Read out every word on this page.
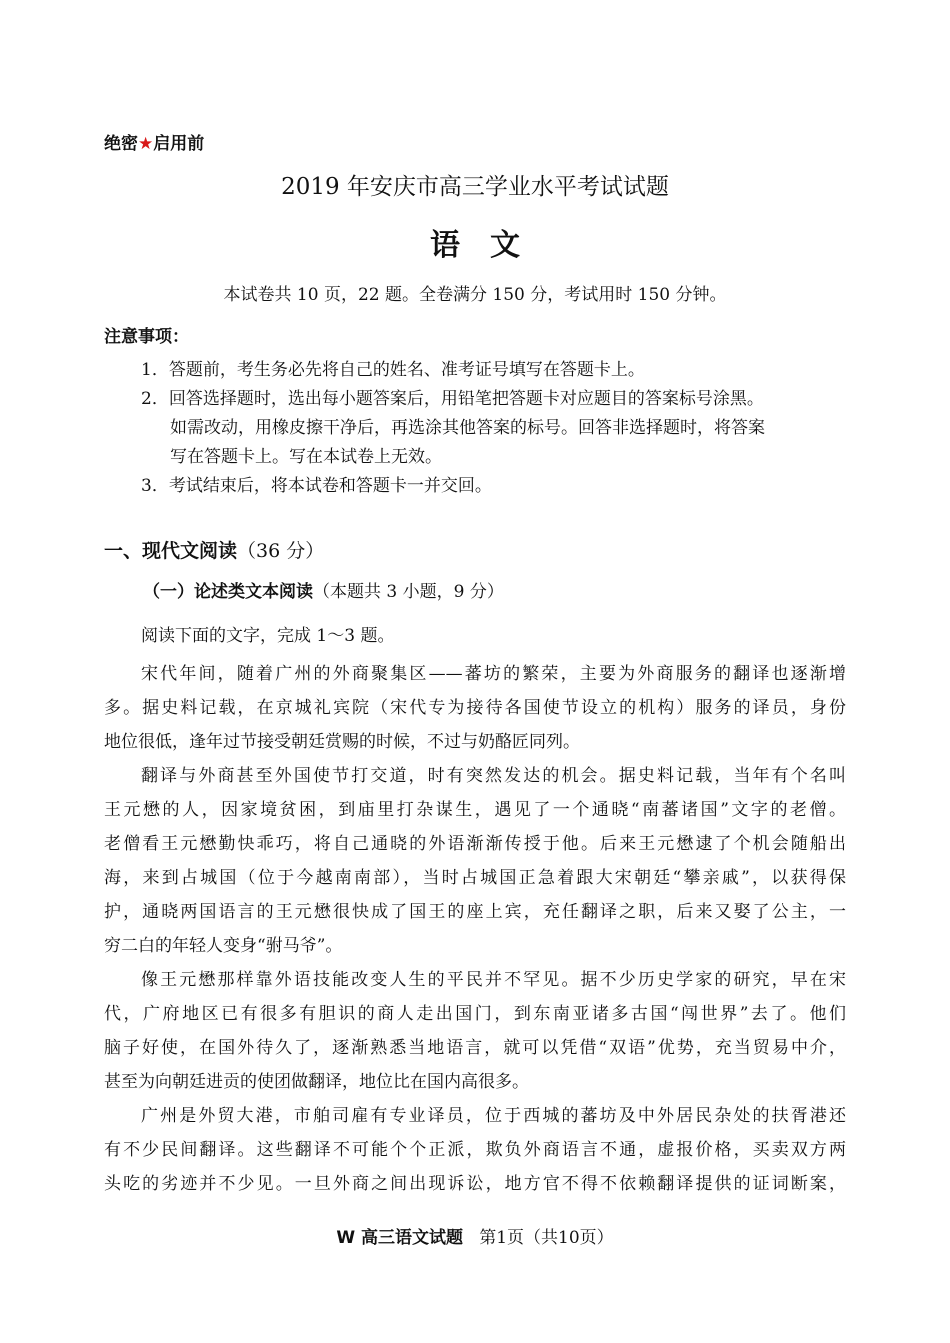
绝密★启用前
2019 年安庆市高三学业水平考试试题
语文
本试卷共 10 页，22 题。全卷满分 150 分，考试用时 150 分钟。
注意事项：
1．答题前，考生务必先将自己的姓名、准考证号填写在答题卡上。
2．回答选择题时，选出每小题答案后，用铅笔把答题卡对应题目的答案标号涂黑。
如需改动，用橡皮擦干净后，再选涂其他答案的标号。回答非选择题时，将答案
写在答题卡上。写在本试卷上无效。
3．考试结束后，将本试卷和答题卡一并交回。
一、现代文阅读（36 分）
（一）论述类文本阅读（本题共 3 小题，9 分）
阅读下面的文字，完成 1～3 题。
宋代年间，随着广州的外商聚集区——蕃坊的繁荣，主要为外商服务的翻译也逐渐增
多。据史料记载，在京城礼宾院（宋代专为接待各国使节设立的机构）服务的译员，身份
地位很低，逢年过节接受朝廷赏赐的时候，不过与奶酪匠同列。
翻译与外商甚至外国使节打交道，时有突然发达的机会。据史料记载，当年有个名叫
王元懋的人，因家境贫困，到庙里打杂谋生，遇见了一个通晓“南蕃诸国”文字的老僧。
老僧看王元懋勤快乖巧，将自己通晓的外语渐渐传授于他。后来王元懋逮了个机会随船出
海，来到占城国（位于今越南南部），当时占城国正急着跟大宋朝廷“攀亲戚”，以获得保
护，通晓两国语言的王元懋很快成了国王的座上宾，充任翻译之职，后来又娶了公主，一
穷二白的年轻人变身“驸马爷”。
像王元懋那样靠外语技能改变人生的平民并不罕见。据不少历史学家的研究，早在宋
代，广府地区已有很多有胆识的商人走出国门，到东南亚诸多古国“闯世界”去了。他们
脑子好使，在国外待久了，逐渐熟悉当地语言，就可以凭借“双语”优势，充当贸易中介，
甚至为向朝廷进贡的使团做翻译，地位比在国内高很多。
广州是外贸大港，市舶司雇有专业译员，位于西城的蕃坊及中外居民杂处的扶胥港还
有不少民间翻译。这些翻译不可能个个正派，欺负外商语言不通，虚报价格，买卖双方两
头吃的劣迹并不少见。一旦外商之间出现诉讼，地方官不得不依赖翻译提供的证词断案，
W 高三语文试题 第1页（共10页）
